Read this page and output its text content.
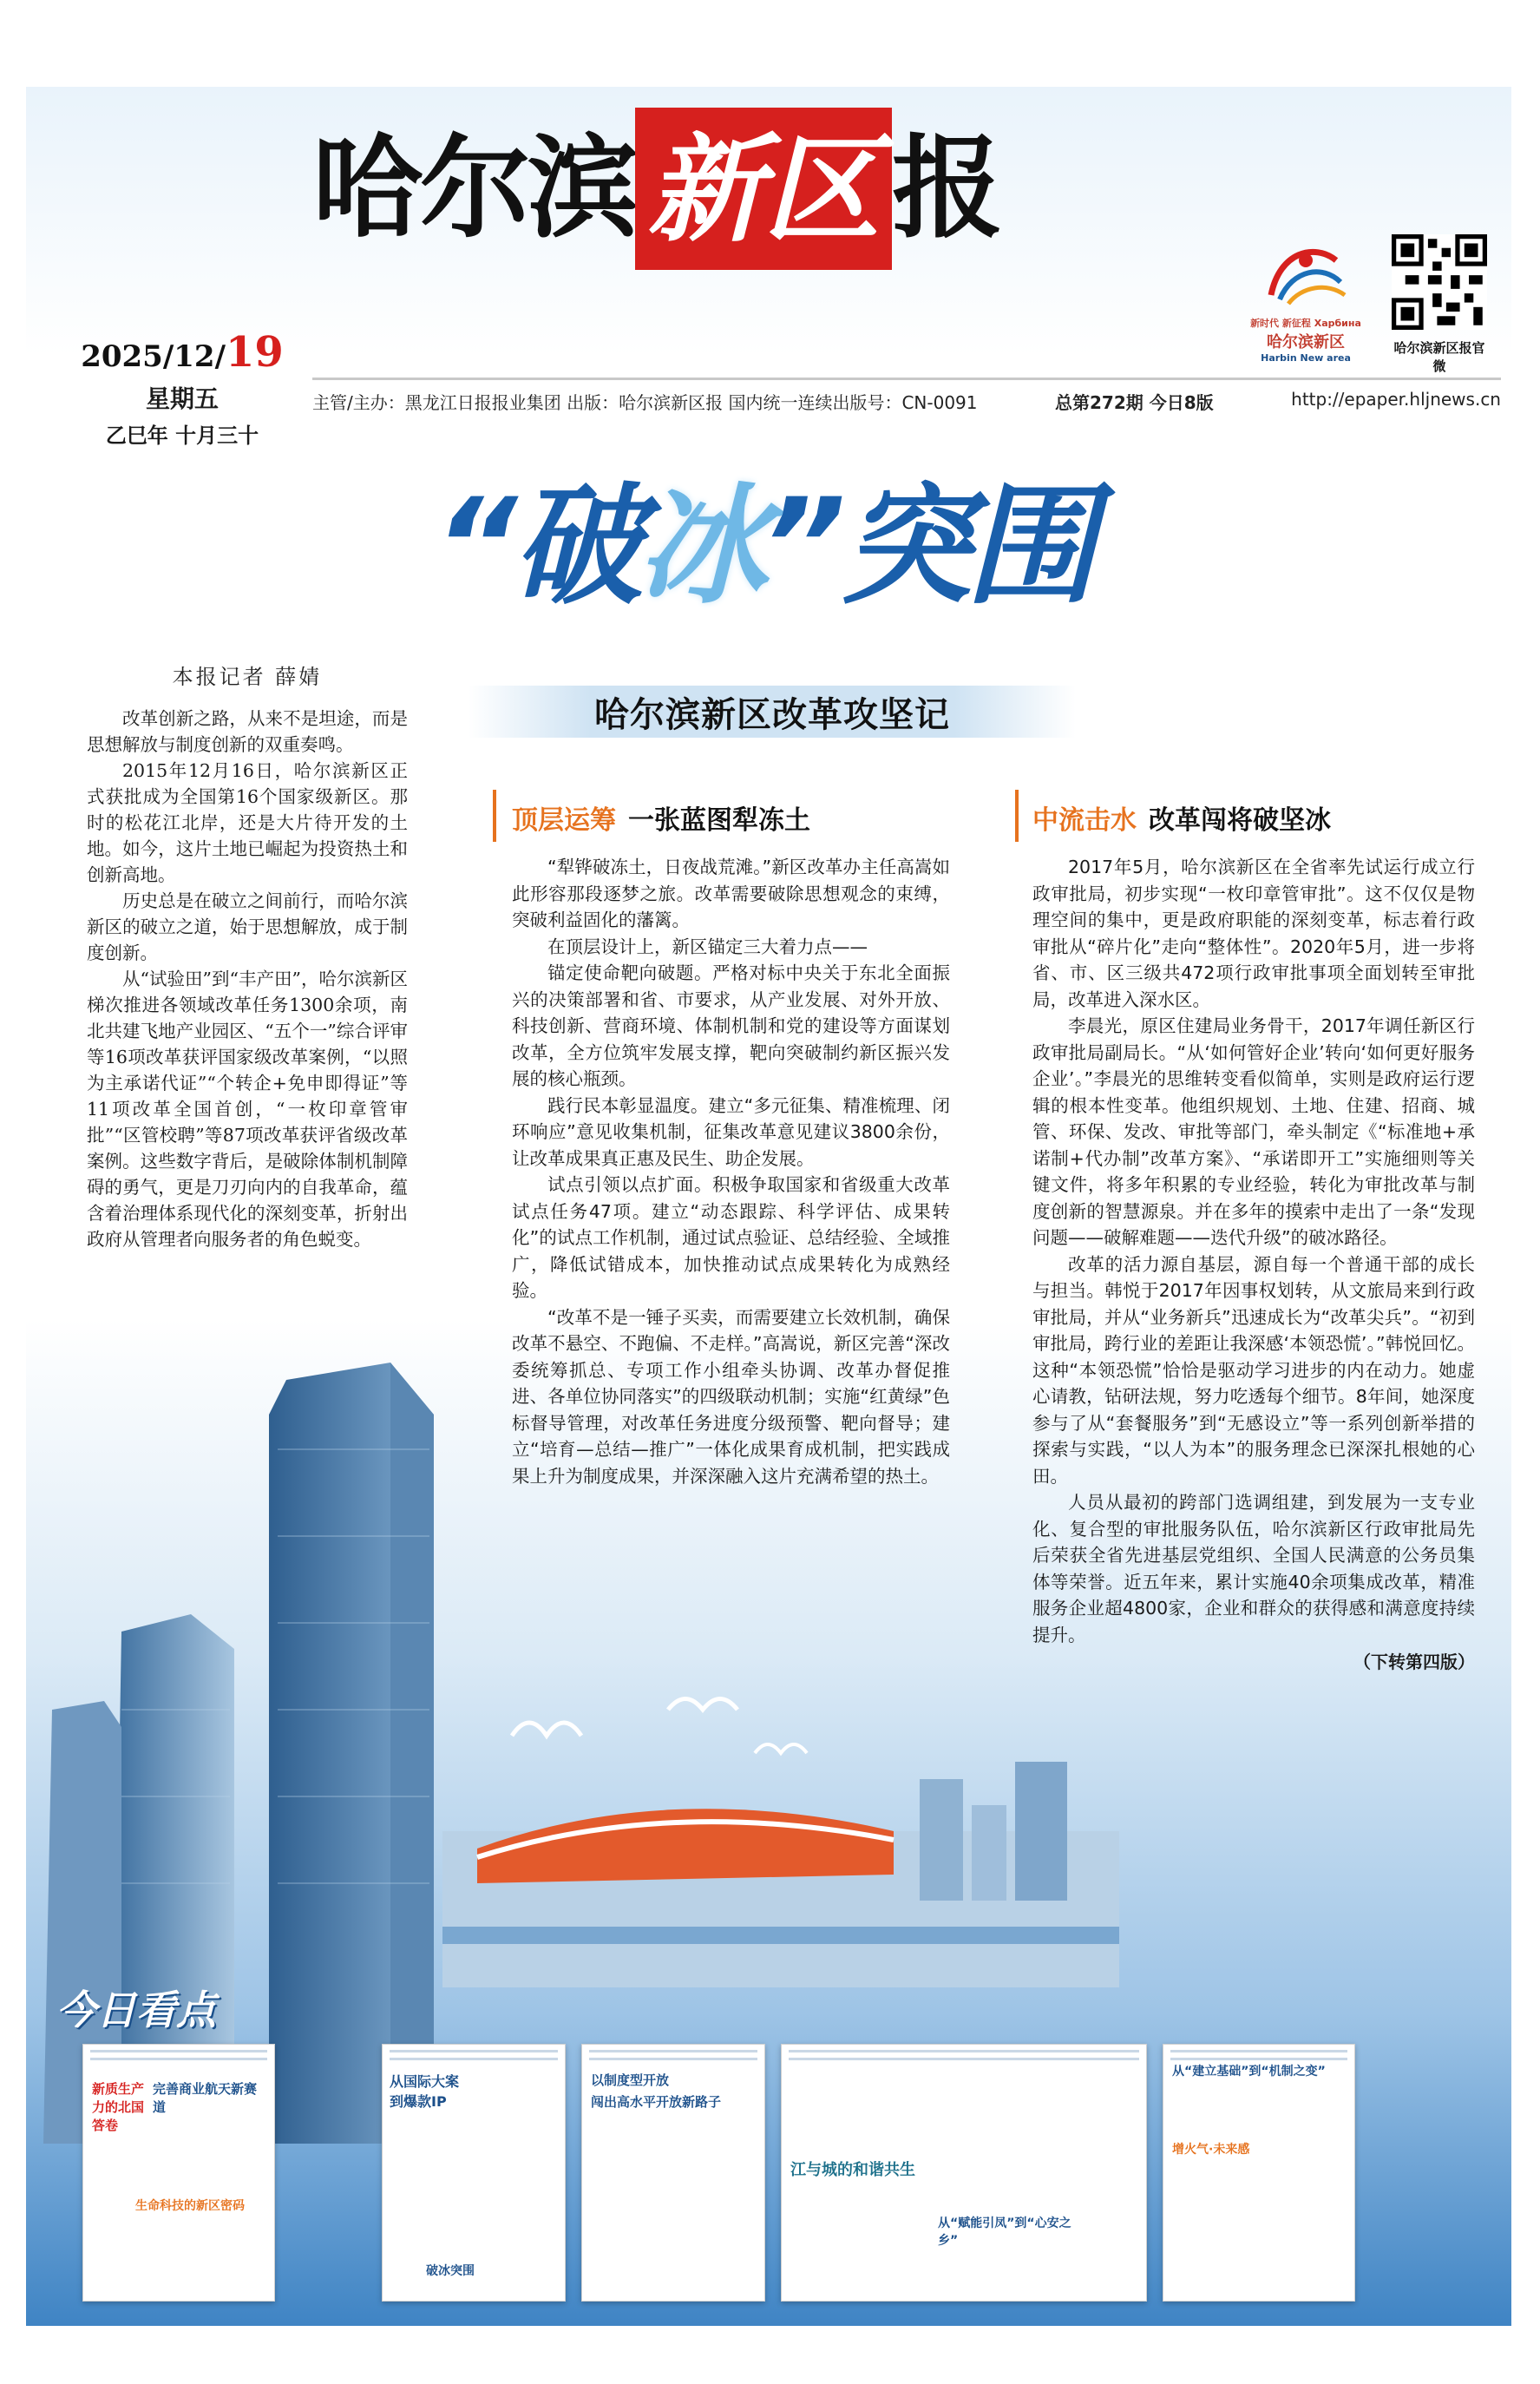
哈尔滨 新区 报
2025/12/19
星期五
乙巳年 十月三十
新时代 新征程 Харбина
哈尔滨新区
Harbin New area
哈尔滨新区报官微
主管/主办：黑龙江日报报业集团 出版：哈尔滨新区报 国内统一连续出版号：CN-0091	总第272期 今日8版	http://epaper.hljnews.cn
“破冰”突围
哈尔滨新区改革攻坚记
本报记者 薛婧

改革创新之路，从来不是坦途，而是思想解放与制度创新的双重奏鸣。

2015年12月16日，哈尔滨新区正式获批成为全国第16个国家级新区。那时的松花江北岸，还是大片待开发的土地。如今，这片土地已崛起为投资热土和创新高地。

历史总是在破立之间前行，而哈尔滨新区的破立之道，始于思想解放，成于制度创新。

从“试验田”到“丰产田”，哈尔滨新区梯次推进各领域改革任务1300余项，南北共建飞地产业园区、“五个一”综合评审等16项改革获评国家级改革案例，“以照为主承诺代证”“个转企+免申即得证”等11项改革全国首创，“一枚印章管审批”“区管校聘”等87项改革获评省级改革案例。这些数字背后，是破除体制机制障碍的勇气，更是刀刃向内的自我革命，蕴含着治理体系现代化的深刻变革，折射出政府从管理者向服务者的角色蜕变。

顶层运筹 一张蓝图犁冻土

“犁铧破冻土，日夜战荒滩。”新区改革办主任高嵩如此形容那段逐梦之旅。改革需要破除思想观念的束缚，突破利益固化的藩篱。

在顶层设计上，新区锚定三大着力点——

锚定使命靶向破题。严格对标中央关于东北全面振兴的决策部署和省、市要求，从产业发展、对外开放、科技创新、营商环境、体制机制和党的建设等方面谋划改革，全方位筑牢发展支撑，靶向突破制约新区振兴发展的核心瓶颈。

践行民本彰显温度。建立“多元征集、精准梳理、闭环响应”意见收集机制，征集改革意见建议3800余份，让改革成果真正惠及民生、助企发展。

试点引领以点扩面。积极争取国家和省级重大改革试点任务47项。建立“动态跟踪、科学评估、成果转化”的试点工作机制，通过试点验证、总结经验、全域推广，降低试错成本，加快推动试点成果转化为成熟经验。

“改革不是一锤子买卖，而需要建立长效机制，确保改革不悬空、不跑偏、不走样。”高嵩说，新区完善“深改委统筹抓总、专项工作小组牵头协调、改革办督促推进、各单位协同落实”的四级联动机制；实施“红黄绿”色标督导管理，对改革任务进度分级预警、靶向督导；建立“培育—总结—推广”一体化成果育成机制，把实践成果上升为制度成果，并深深融入这片充满希望的热土。

中流击水 改革闯将破坚冰

2017年5月，哈尔滨新区在全省率先试运行成立行政审批局，初步实现“一枚印章管审批”。这不仅仅是物理空间的集中，更是政府职能的深刻变革，标志着行政审批从“碎片化”走向“整体性”。2020年5月，进一步将省、市、区三级共472项行政审批事项全面划转至审批局，改革进入深水区。

李晨光，原区住建局业务骨干，2017年调任新区行政审批局副局长。“从‘如何管好企业’转向‘如何更好服务企业’。”李晨光的思维转变看似简单，实则是政府运行逻辑的根本性变革。他组织规划、土地、住建、招商、城管、环保、发改、审批等部门，牵头制定《“标准地+承诺制+代办制”改革方案》、“承诺即开工”实施细则等关键文件，将多年积累的专业经验，转化为审批改革与制度创新的智慧源泉。并在多年的摸索中走出了一条“发现问题——破解难题——迭代升级”的破冰路径。

改革的活力源自基层，源自每一个普通干部的成长与担当。韩悦于2017年因事权划转，从文旅局来到行政审批局，并从“业务新兵”迅速成长为“改革尖兵”。“初到审批局，跨行业的差距让我深感‘本领恐慌’。”韩悦回忆。这种“本领恐慌”恰恰是驱动学习进步的内在动力。她虚心请教，钻研法规，努力吃透每个细节。8年间，她深度参与了从“套餐服务”到“无感设立”等一系列创新举措的探索与实践，“以人为本”的服务理念已深深扎根她的心田。

人员从最初的跨部门选调组建，到发展为一支专业化、复合型的审批服务队伍，哈尔滨新区行政审批局先后荣获全省先进基层党组织、全国人民满意的公务员集体等荣誉。近五年来，累计实施40余项集成改革，精准服务企业超4800家，企业和群众的获得感和满意度持续提升。

（下转第四版）
今日看点
新质生产力的北国答卷
完善商业航天新赛道
生命科技的新区密码
从国际大案到爆款IP
破冰突围
以制度型开放
闯出高水平开放新路子
江与城的和谐共生
从“赋能引凤”到“心安之乡”
从“建立基础”到“机制之变”
增火气·未来感
